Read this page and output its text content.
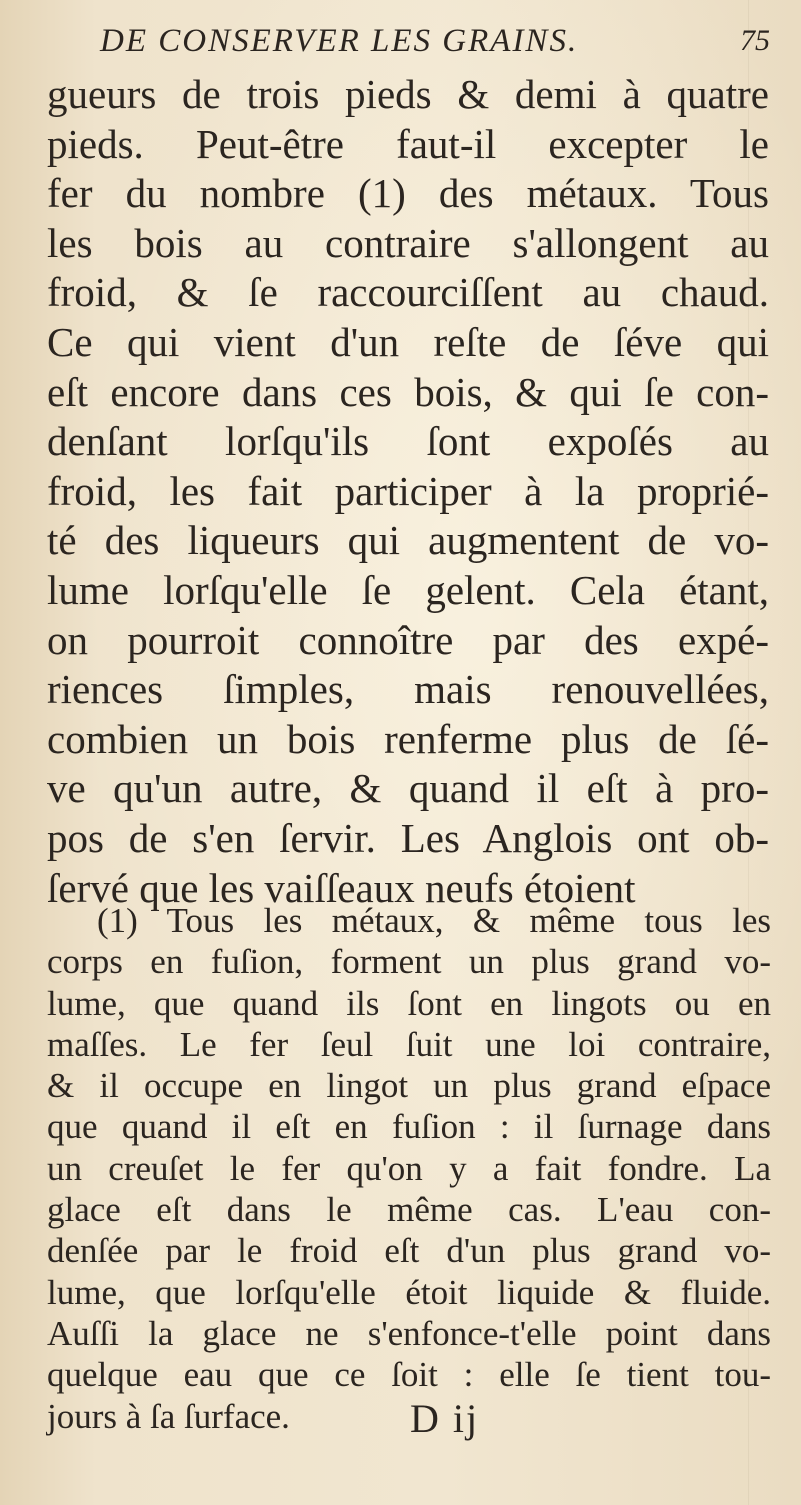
DE CONSERVER LES GRAINS.	75
gueurs de trois pieds & demi à quatre
pieds. Peut-être faut-il excepter le
fer du nombre (1) des métaux. Tous
les bois au contraire s'allongent au
froid, & ſe raccourciſſent au chaud.
Ce qui vient d'un reſte de ſéve qui
eſt encore dans ces bois, & qui ſe con-
denſant lorſqu'ils ſont expoſés au
froid, les fait participer à la proprié-
té des liqueurs qui augmentent de vo-
lume lorſqu'elle ſe gelent. Cela étant,
on pourroit connoître par des expé-
riences ſimples, mais renouvellées,
combien un bois renferme plus de ſé-
ve qu'un autre, & quand il eſt à pro-
pos de s'en ſervir. Les Anglois ont ob-
ſervé que les vaiſſeaux neufs étoient
(1) Tous les métaux, & même tous les
corps en fuſion, forment un plus grand vo-
lume, que quand ils ſont en lingots ou en
maſſes. Le fer ſeul ſuit une loi contraire,
& il occupe en lingot un plus grand eſpace
que quand il eſt en fuſion : il ſurnage dans
un creuſet le fer qu'on y a fait fondre. La
glace eſt dans le même cas. L'eau con-
denſée par le froid eſt d'un plus grand vo-
lume, que lorſqu'elle étoit liquide & fluide.
Auſſi la glace ne s'enfonce-t'elle point dans
quelque eau que ce ſoit : elle ſe tient tou-
jours à ſa ſurface.	D ij
